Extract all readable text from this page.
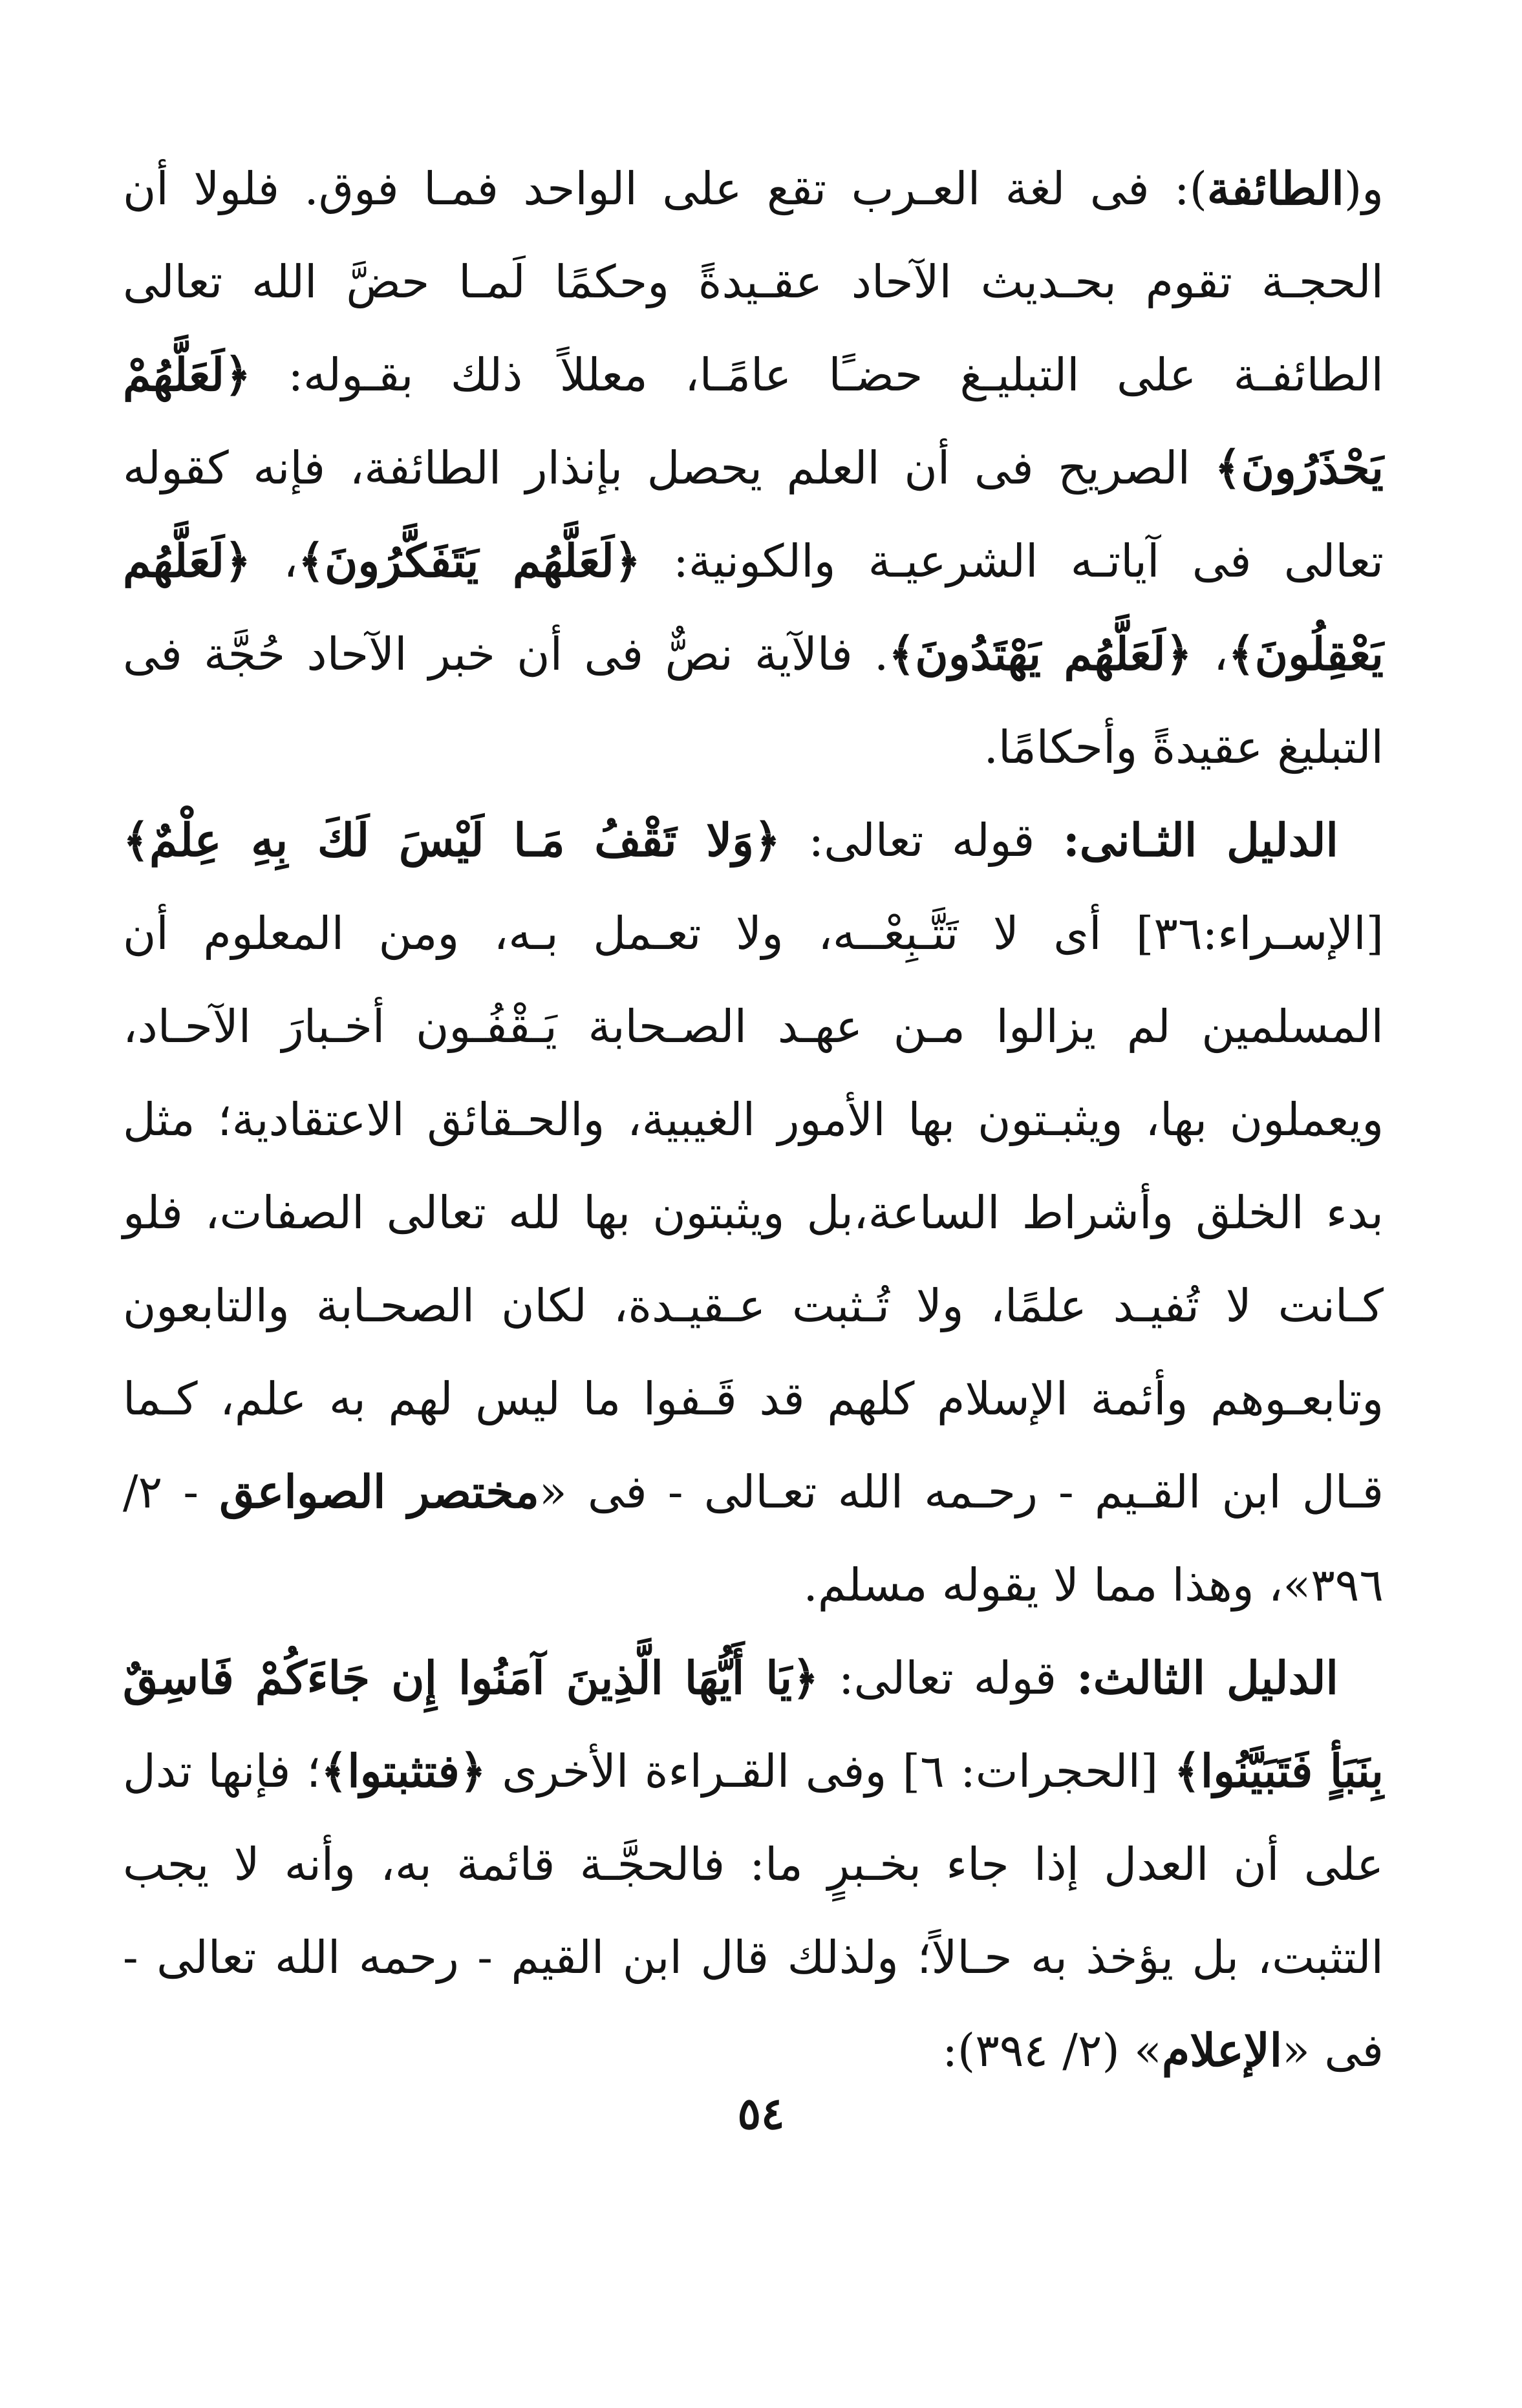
و(الطائفة): فى لغة العـرب تقع على الواحد فمـا فوق. فلولا أن الحجـة تقوم بحـديث الآحاد عقـيدةً وحكمًا لَمـا حضَّ الله تعالى الطائفـة على التبليـغ حضـًا عامًـا، معللاً ذلك بقـوله: ﴿لَعَلَّهُمْ يَحْذَرُونَ﴾ الصريح فى أن العلم يحصل بإنذار الطائفة، فإنه كقوله تعالى فى آياتـه الشرعيـة والكونية: ﴿لَعَلَّهُم يَتَفَكَّرُونَ﴾، ﴿لَعَلَّهُم يَعْقِلُونَ﴾، ﴿لَعَلَّهُم يَهْتَدُونَ﴾. فالآية نصٌّ فى أن خبر الآحاد حُجَّة فى التبليغ عقيدةً وأحكامًا.

الدليل الثـانى: قوله تعالى: ﴿وَلا تَقْفُ مَـا لَيْسَ لَكَ بِهِ عِلْمٌ﴾ [الإسـراء:٣٦] أى لا تَتَّـبِعْــه، ولا تعـمل بـه، ومن المعلوم أن المسلمين لم يزالوا مـن عهـد الصـحابة يَـقْفُـون أخـبارَ الآحـاد، ويعملون بها، ويثبـتون بها الأمور الغيبية، والحـقائق الاعتقادية؛ مثل بدء الخلق وأشراط الساعة،بل ويثبتون بها لله تعالى الصفات، فلو كـانت لا تُفيـد علمًا، ولا تُـثبت عـقيـدة، لكان الصحـابة والتابعون وتابعـوهم وأئمة الإسلام كلهم قد قَـفوا ما ليس لهم به علم، كـما قـال ابن القـيم - رحـمه الله تعـالى - فى «مختصر الصواعق - ٢/ ٣٩٦»، وهذا مما لا يقوله مسلم.

الدليل الثالث: قوله تعالى: ﴿يَا أَيُّهَا الَّذِينَ آمَنُوا إِن جَاءَكُمْ فَاسِقٌ بِنَبَأٍ فَتَبَيَّنُوا﴾ [الحجرات: ٦] وفى القـراءة الأخرى ﴿فتثبتوا﴾؛ فإنها تدل على أن العدل إذا جاء بخـبرٍ ما: فالحجَّـة قائمة به، وأنه لا يجب التثبت، بل يؤخذ به حـالاً؛ ولذلك قال ابن القيم - رحمه الله تعالى - فى «الإعلام» (٢/ ٣٩٤):

٥٤
